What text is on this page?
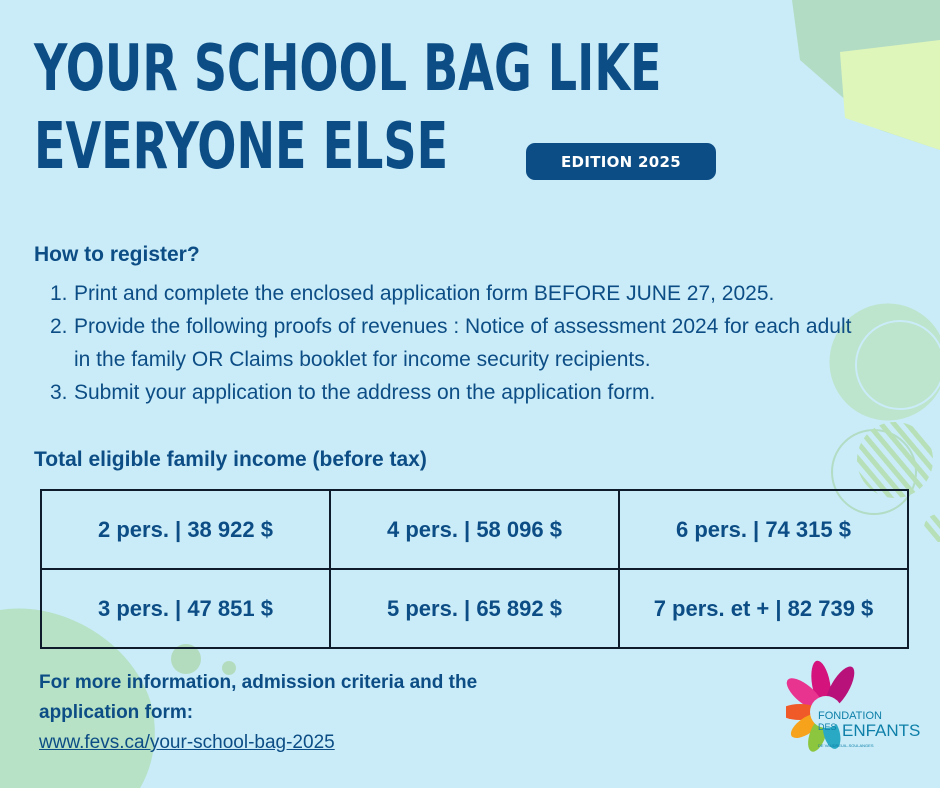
YOUR SCHOOL BAG LIKE
EVERYONE ELSE	EDITION 2025
How to register?
1. Print and complete the enclosed application form BEFORE JUNE 27, 2025.
2. Provide the following proofs of revenues : Notice of assessment 2024 for each adult in the family OR Claims booklet for income security recipients.
3. Submit your application to the address on the application form.
Total eligible family income (before tax)
2 pers. | 38 922 $	4 pers. | 58 096 $	6 pers. | 74 315 $
3 pers. | 47 851 $	5 pers. | 65 892 $	7 pers. et + | 82 739 $

For more information, admission criteria and the application form:

www.fevs.ca/your-school-bag-2025
FONDATION
DES ENFANTS
DE VAUDREUIL-SOULANGES
